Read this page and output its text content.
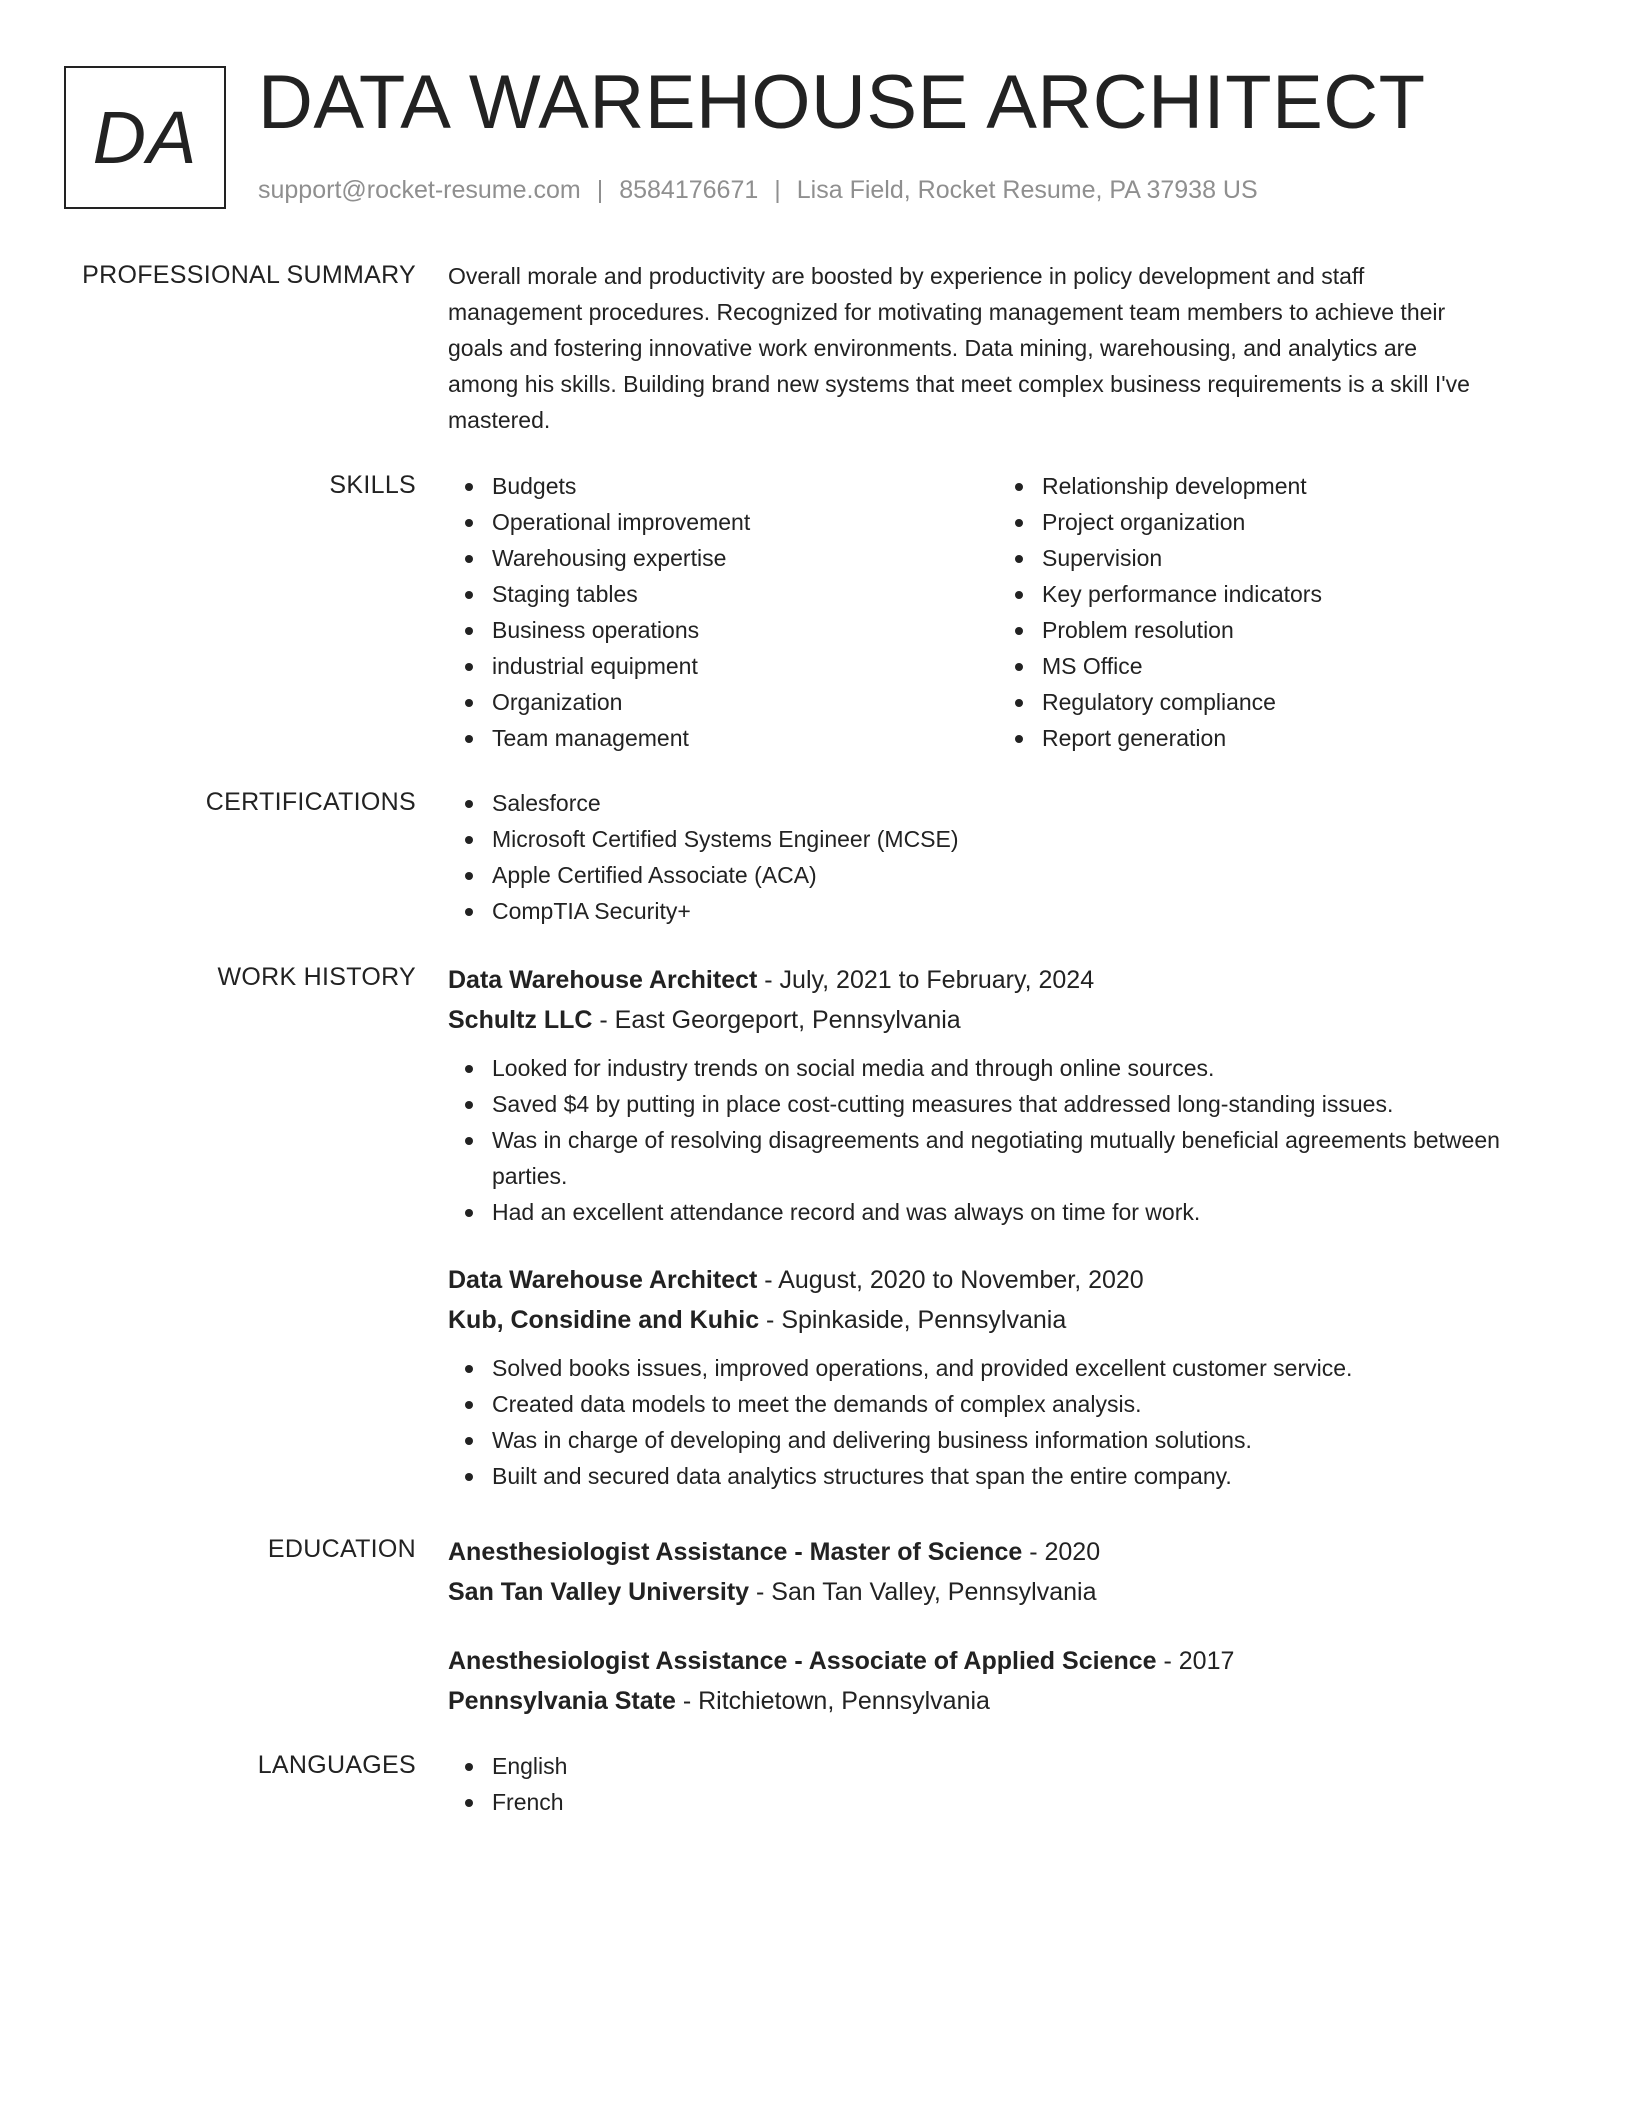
DA DATA WAREHOUSE ARCHITECT
support@rocket-resume.com | 8584176671 | Lisa Field, Rocket Resume, PA 37938 US
PROFESSIONAL SUMMARY Overall morale and productivity are boosted by experience in policy development and staff
management procedures. Recognized for motivating management team members to achieve their
goals and fostering innovative work environments. Data mining, warehousing, and analytics are
among his skills. Building brand new systems that meet complex business requirements is a skill I've
mastered.
SKILLS	Budgets
Operational improvement
Warehousing expertise
Staging tables
Business operations
industrial equipment
Organization
Team management
Relationship development
Project organization
Supervision
Key performance indicators
Problem resolution
MS Office
Regulatory compliance
Report generation
CERTIFICATIONS	Salesforce
Microsoft Certified Systems Engineer (MCSE)
Apple Certified Associate (ACA)
CompTIA Security+
WORK HISTORY Data Warehouse Architect - July, 2021 to February, 2024
Schultz LLC - East Georgeport, Pennsylvania
Looked for industry trends on social media and through online sources.
Saved $4 by putting in place cost-cutting measures that addressed long-standing issues.
Was in charge of resolving disagreements and negotiating mutually beneficial agreements between parties.
Had an excellent attendance record and was always on time for work.
Data Warehouse Architect - August, 2020 to November, 2020
Kub, Considine and Kuhic - Spinkaside, Pennsylvania
Solved books issues, improved operations, and provided excellent customer service.
Created data models to meet the demands of complex analysis.
Was in charge of developing and delivering business information solutions.
Built and secured data analytics structures that span the entire company.
EDUCATION Anesthesiologist Assistance - Master of Science - 2020
San Tan Valley University - San Tan Valley, Pennsylvania
Anesthesiologist Assistance - Associate of Applied Science - 2017
Pennsylvania State - Ritchietown, Pennsylvania
LANGUAGES	English
French
